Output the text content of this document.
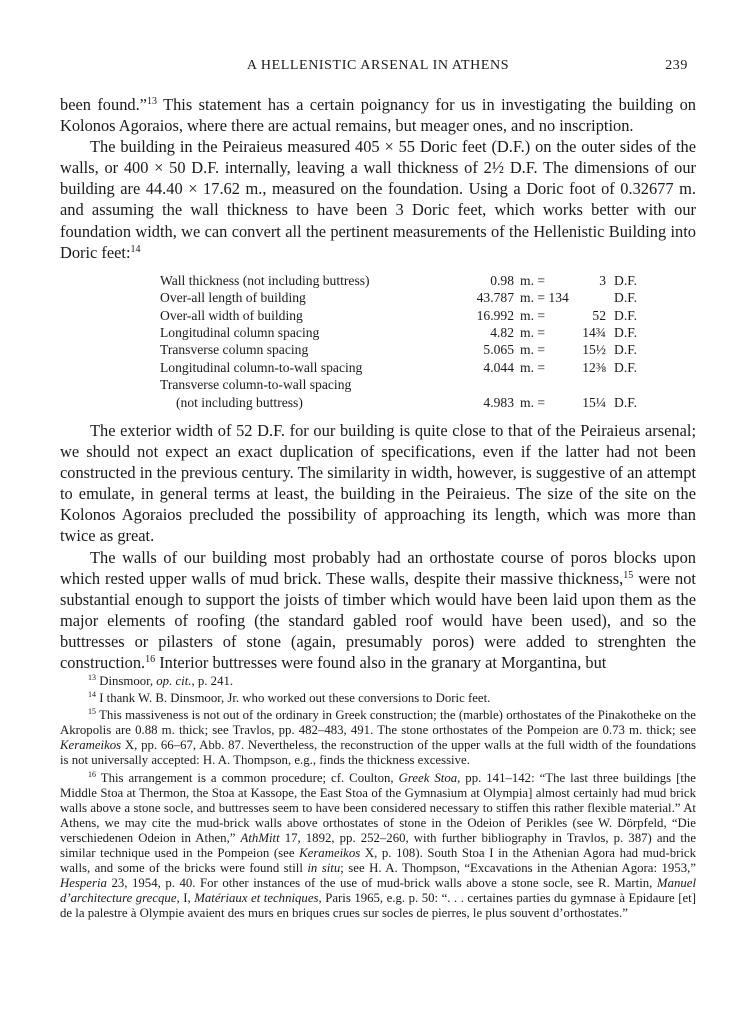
A HELLENISTIC ARSENAL IN ATHENS	239

been found.”$^{13}$ This statement has a certain poignancy for us in investigating the building on Kolonos Agoraios, where there are actual remains, but meager ones, and no inscription.

The building in the Peiraieus measured 405 × 55 Doric feet (D.F.) on the outer sides of the walls, or 400 × 50 D.F. internally, leaving a wall thickness of 2½ D.F. The dimensions of our building are 44.40 × 17.62 m., measured on the foundation. Using a Doric foot of 0.32677 m. and assuming the wall thickness to have been 3 Doric feet, which works better with our foundation width, we can convert all the pertinent measurements of the Hellenistic Building into Doric feet:$^{14}$

Wall thickness (not including buttress)	0.98	m. =	3	D.F.
Over-all length of building	43.787	m. = 134		D.F.
Over-all width of building	16.992	m. =	52	D.F.
Longitudinal column spacing	4.82	m. =	14¾	D.F.
Transverse column spacing	5.065	m. =	15½	D.F.
Longitudinal column-to-wall spacing	4.044	m. =	12⅜	D.F.
Transverse column-to-wall spacing				
(not including buttress)	4.983	m. =	15¼	D.F.

The exterior width of 52 D.F. for our building is quite close to that of the Peiraieus arsenal; we should not expect an exact duplication of specifications, even if the latter had not been constructed in the previous century. The similarity in width, however, is suggestive of an attempt to emulate, in general terms at least, the building in the Peiraieus. The size of the site on the Kolonos Agoraios precluded the possibility of approaching its length, which was more than twice as great.

The walls of our building most probably had an orthostate course of poros blocks upon which rested upper walls of mud brick. These walls, despite their massive thickness,$^{15}$ were not substantial enough to support the joists of timber which would have been laid upon them as the major elements of roofing (the standard gabled roof would have been used), and so the buttresses or pilasters of stone (again, presumably poros) were added to strenghten the construction.$^{16}$ Interior buttresses were found also in the granary at Morgantina, but

$^{13}$ Dinsmoor, op. cit., p. 241.

$^{14}$ I thank W. B. Dinsmoor, Jr. who worked out these conversions to Doric feet.

$^{15}$ This massiveness is not out of the ordinary in Greek construction; the (marble) orthostates of the Pinakotheke on the Akropolis are 0.88 m. thick; see Travlos, pp. 482–483, 491. The stone orthostates of the Pompeion are 0.73 m. thick; see Kerameikos X, pp. 66–67, Abb. 87. Nevertheless, the reconstruction of the upper walls at the full width of the foundations is not universally accepted: H. A. Thompson, e.g., finds the thickness excessive.

$^{16}$ This arrangement is a common procedure; cf. Coulton, Greek Stoa, pp. 141–142: “The last three buildings [the Middle Stoa at Thermon, the Stoa at Kassope, the East Stoa of the Gymnasium at Olympia] almost certainly had mud brick walls above a stone socle, and buttresses seem to have been considered necessary to stiffen this rather flexible material.” At Athens, we may cite the mud-brick walls above orthostates of stone in the Odeion of Perikles (see W. Dörpfeld, “Die verschiedenen Odeion in Athen,” AthMitt 17, 1892, pp. 252–260, with further bibliography in Travlos, p. 387) and the similar technique used in the Pompeion (see Kerameikos X, p. 108). South Stoa I in the Athenian Agora had mud-brick walls, and some of the bricks were found still in situ; see H. A. Thompson, “Excavations in the Athenian Agora: 1953,” Hesperia 23, 1954, p. 40. For other instances of the use of mud-brick walls above a stone socle, see R. Martin, Manuel d’architecture grecque, I, Matériaux et techniques, Paris 1965, e.g. p. 50: “. . . certaines parties du gymnase à Epidaure [et] de la palestre à Olympie avaient des murs en briques crues sur socles de pierres, le plus souvent d’orthostates.”
